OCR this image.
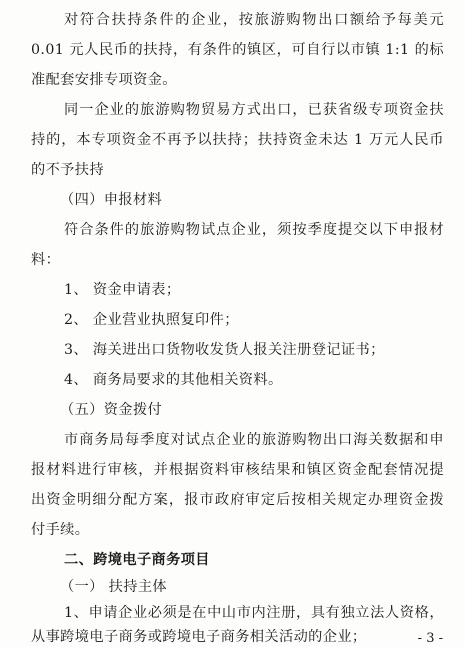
对符合扶持条件的企业，按旅游购物出口额给予每美元
0.01 元人民币的扶持，有条件的镇区，可自行以市镇 1:1 的标
准配套安排专项资金。
同一企业的旅游购物贸易方式出口，已获省级专项资金扶
持的，本专项资金不再予以扶持；扶持资金未达 1 万元人民币
的不予扶持
（四）申报材料
符合条件的旅游购物试点企业，须按季度提交以下申报材
料：
1、 资金申请表；
2、 企业营业执照复印件；
3、 海关进出口货物收发货人报关注册登记证书；
4、 商务局要求的其他相关资料。
（五）资金拨付
市商务局每季度对试点企业的旅游购物出口海关数据和申
报材料进行审核，并根据资料审核结果和镇区资金配套情况提
出资金明细分配方案，报市政府审定后按相关规定办理资金拨
付手续。
二、跨境电子商务项目
（一） 扶持主体
1、申请企业必须是在中山市内注册，具有独立法人资格，
从事跨境电子商务或跨境电子商务相关活动的企业；	- 3 -
